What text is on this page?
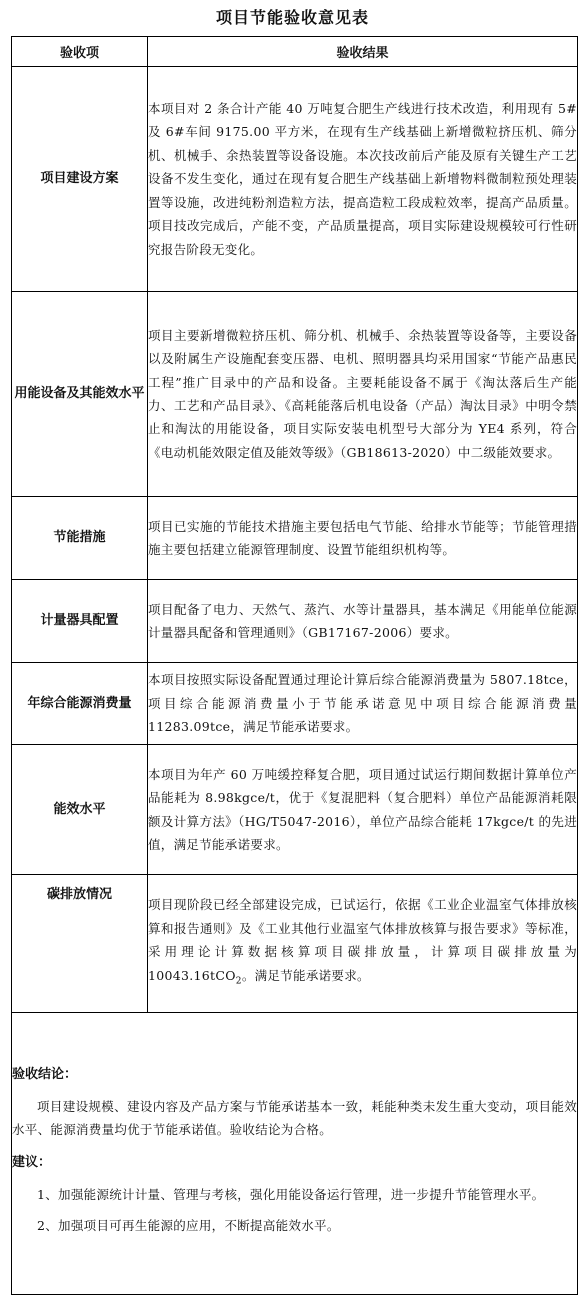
项目节能验收意见表
验收项	验收结果
项目建设方案	本项目对 2 条合计产能 40 万吨复合肥生产线进行技术改造，利用现有 5#及 6#车间 9175.00 平方米，在现有生产线基础上新增微粒挤压机、筛分机、机械手、余热装置等设备设施。本次技改前后产能及原有关键生产工艺设备不发生变化，通过在现有复合肥生产线基础上新增物料微制粒预处理装置等设施，改进纯粉剂造粒方法，提高造粒工段成粒效率，提高产品质量。项目技改完成后，产能不变，产品质量提高，项目实际建设规模较可行性研究报告阶段无变化。
用能设备及其能效水平	项目主要新增微粒挤压机、筛分机、机械手、余热装置等设备等，主要设备以及附属生产设施配套变压器、电机、照明器具均采用国家“节能产品惠民工程”推广目录中的产品和设备。主要耗能设备不属于《淘汰落后生产能力、工艺和产品目录》、《高耗能落后机电设备（产品）淘汰目录》中明令禁止和淘汰的用能设备，项目实际安装电机型号大部分为 YE4 系列，符合《电动机能效限定值及能效等级》（GB18613-2020）中二级能效要求。
节能措施	项目已实施的节能技术措施主要包括电气节能、给排水节能等；节能管理措施主要包括建立能源管理制度、设置节能组织机构等。
计量器具配置	项目配备了电力、天然气、蒸汽、水等计量器具，基本满足《用能单位能源计量器具配备和管理通则》（GB17167-2006）要求。
年综合能源消费量	本项目按照实际设备配置通过理论计算后综合能源消费量为 5807.18tce，项目综合能源消费量小于节能承诺意见中项目综合能源消费量 11283.09tce，满足节能承诺要求。
能效水平	本项目为年产 60 万吨缓控释复合肥，项目通过试运行期间数据计算单位产品能耗为 8.98kgce/t，优于《复混肥料（复合肥料）单位产品能源消耗限额及计算方法》（HG/T5047-2016），单位产品综合能耗 17kgce/t 的先进值，满足节能承诺要求。
碳排放情况	项目现阶段已经全部建设完成，已试运行，依据《工业企业温室气体排放核算和报告通则》及《工业其他行业温室气体排放核算与报告要求》等标准，采用理论计算数据核算项目碳排放量，计算项目碳排放量为 10043.16tCO$_2$。满足节能承诺要求。

验收结论：

项目建设规模、建设内容及产品方案与节能承诺基本一致，耗能种类未发生重大变动，项目能效水平、能源消费量均优于节能承诺值。验收结论为合格。

建议：

1、加强能源统计计量、管理与考核，强化用能设备运行管理，进一步提升节能管理水平。

2、加强项目可再生能源的应用，不断提高能效水平。	
